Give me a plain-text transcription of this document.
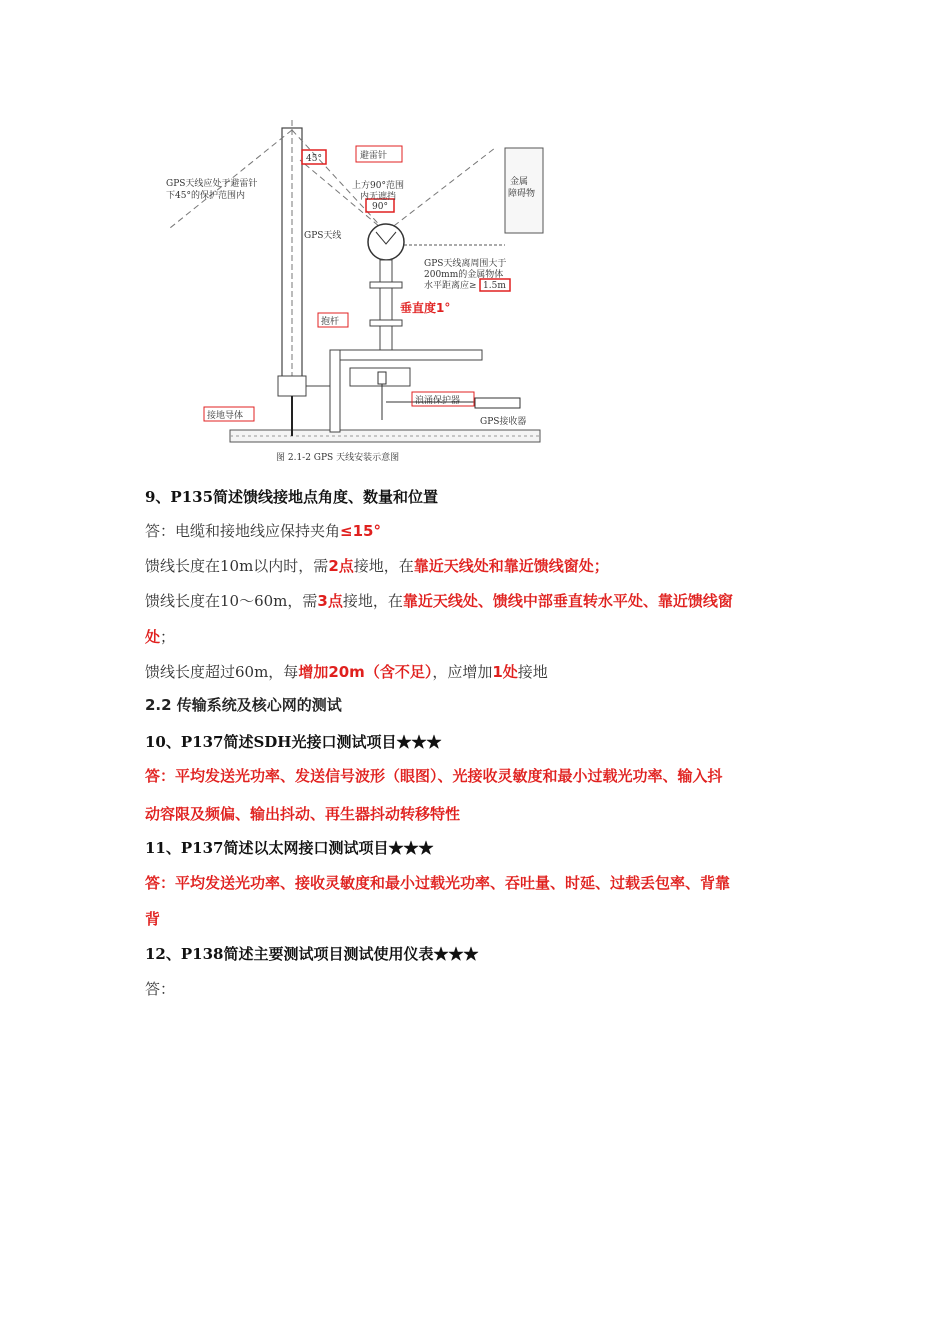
45°	避雷针
GPS天线应处于避雷针
下45°的保护范围内
上方90°范围
内无遮挡
90°
金属
障碍物
GPS天线
GPS天线离周围大于
200mm的金属物体
水平距离应≥ 1.5m
垂直度1°
抱杆
接地导体
浪涌保护器
GPS接收器
图 2.1-2 GPS 天线安装示意图
9、P135简述馈线接地点角度、数量和位置
答：电缆和接地线应保持夹角≤15°
馈线长度在10m以内时，需2点接地，在靠近天线处和靠近馈线窗处；
馈线长度在10～60m，需3点接地，在靠近天线处、馈线中部垂直转水平处、靠近馈线窗
处；
馈线长度超过60m，每增加20m（含不足），应增加1处接地
2.2 传输系统及核心网的测试
10、P137简述SDH光接口测试项目★★★
答：平均发送光功率、发送信号波形（眼图）、光接收灵敏度和最小过载光功率、输入抖
动容限及频偏、输出抖动、再生器抖动转移特性
11、P137简述以太网接口测试项目★★★
答：平均发送光功率、接收灵敏度和最小过载光功率、吞吐量、时延、过载丢包率、背靠
背
12、P138简述主要测试项目测试使用仪表★★★
答：
